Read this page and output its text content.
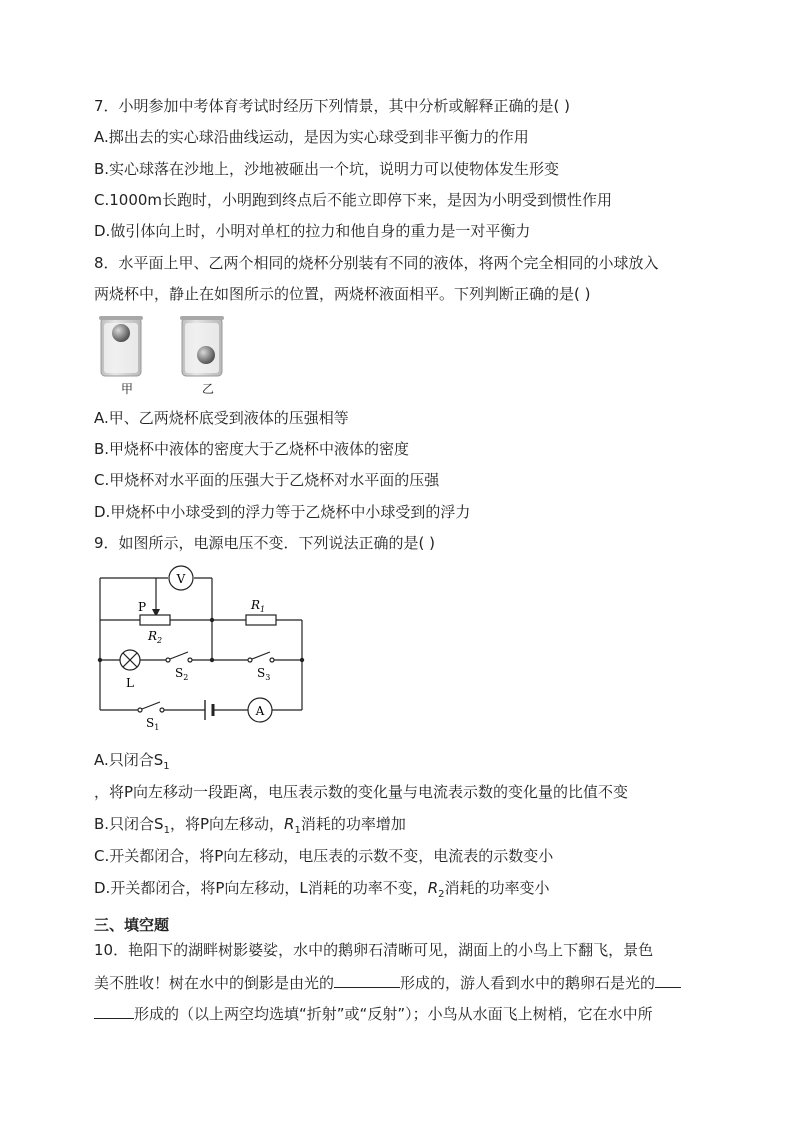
7．小明参加中考体育考试时经历下列情景，其中分析或解释正确的是( )
A.掷出去的实心球沿曲线运动，是因为实心球受到非平衡力的作用
B.实心球落在沙地上，沙地被砸出一个坑，说明力可以使物体发生形变
C.1000m长跑时，小明跑到终点后不能立即停下来，是因为小明受到惯性作用
D.做引体向上时，小明对单杠的拉力和他自身的重力是一对平衡力
8．水平面上甲、乙两个相同的烧杯分别装有不同的液体，将两个完全相同的小球放入
两烧杯中，静止在如图所示的位置，两烧杯液面相平。下列判断正确的是( )
甲	乙
A.甲、乙两烧杯底受到液体的压强相等
B.甲烧杯中液体的密度大于乙烧杯中液体的密度
C.甲烧杯对水平面的压强大于乙烧杯对水平面的压强
D.甲烧杯中小球受到的浮力等于乙烧杯中小球受到的浮力
9．如图所示，电源电压不变．下列说法正确的是( )
V
A
P
$R_2$
$R_1$
L
$S_2$	$S_3$
$S_1$
A.只闭合$S_1$
，将P向左移动一段距离，电压表示数的变化量与电流表示数的变化量的比值不变
B.只闭合$S_1$，将P向左移动，$R_1$消耗的功率增加
C.开关都闭合，将P向左移动，电压表的示数不变，电流表的示数变小
D.开关都闭合，将P向左移动，L消耗的功率不变，$R_2$消耗的功率变小
三、填空题
10．艳阳下的湖畔树影婆娑，水中的鹅卵石清晰可见，湖面上的小鸟上下翻飞，景色
美不胜收！树在水中的倒影是由光的	形成的，游人看到水中的鹅卵石是光的
形成的（以上两空均选填“折射”或“反射”）；小鸟从水面飞上树梢，它在水中所
